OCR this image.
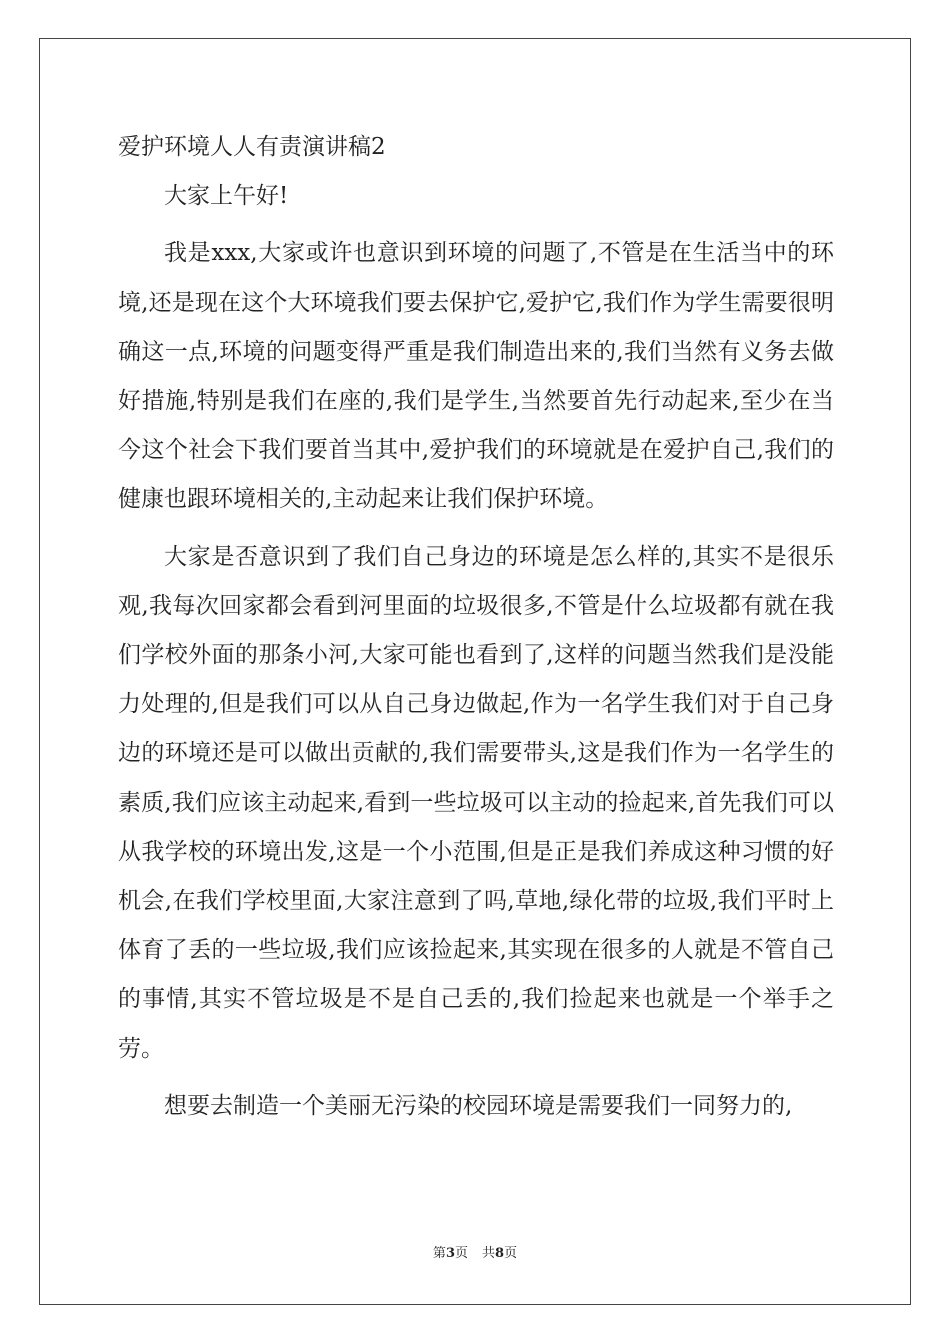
爱护环境人人有责演讲稿2

大家上午好!

我是xxx,大家或许也意识到环境的问题了,不管是在生活当中的环境,还是现在这个大环境我们要去保护它,爱护它,我们作为学生需要很明确这一点,环境的问题变得严重是我们制造出来的,我们当然有义务去做好措施,特别是我们在座的,我们是学生,当然要首先行动起来,至少在当今这个社会下我们要首当其中,爱护我们的环境就是在爱护自己,我们的健康也跟环境相关的,主动起来让我们保护环境。

大家是否意识到了我们自己身边的环境是怎么样的,其实不是很乐观,我每次回家都会看到河里面的垃圾很多,不管是什么垃圾都有就在我们学校外面的那条小河,大家可能也看到了,这样的问题当然我们是没能力处理的,但是我们可以从自己身边做起,作为一名学生我们对于自己身边的环境还是可以做出贡献的,我们需要带头,这是我们作为一名学生的素质,我们应该主动起来,看到一些垃圾可以主动的捡起来,首先我们可以从我学校的环境出发,这是一个小范围,但是正是我们养成这种习惯的好机会,在我们学校里面,大家注意到了吗,草地,绿化带的垃圾,我们平时上体育了丢的一些垃圾,我们应该捡起来,其实现在很多的人就是不管自己的事情,其实不管垃圾是不是自己丢的,我们捡起来也就是一个举手之劳。

想要去制造一个美丽无污染的校园环境是需要我们一同努力的,

第3页 共8页
